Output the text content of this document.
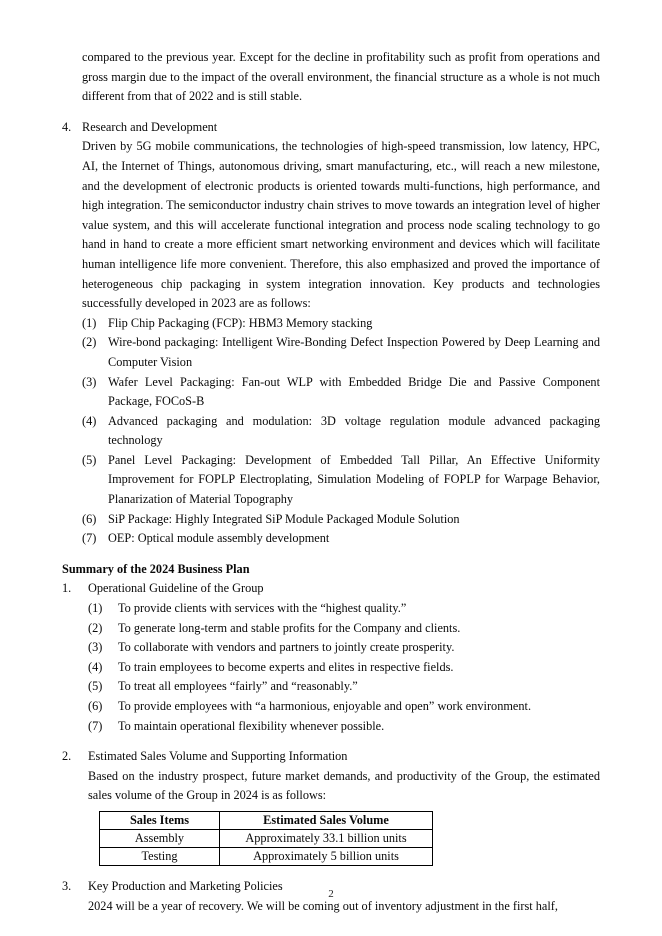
compared to the previous year. Except for the decline in profitability such as profit from operations and gross margin due to the impact of the overall environment, the financial structure as a whole is not much different from that of 2022 and is still stable.

4. Research and Development
Driven by 5G mobile communications, the technologies of high-speed transmission, low latency, HPC, AI, the Internet of Things, autonomous driving, smart manufacturing, etc., will reach a new milestone, and the development of electronic products is oriented towards multi-functions, high performance, and high integration. The semiconductor industry chain strives to move towards an integration level of higher value system, and this will accelerate functional integration and process node scaling technology to go hand in hand to create a more efficient smart networking environment and devices which will facilitate human intelligence life more convenient. Therefore, this also emphasized and proved the importance of heterogeneous chip packaging in system integration innovation. Key products and technologies successfully developed in 2023 are as follows:
(1) Flip Chip Packaging (FCP): HBM3 Memory stacking
(2) Wire-bond packaging: Intelligent Wire-Bonding Defect Inspection Powered by Deep Learning and Computer Vision
(3) Wafer Level Packaging: Fan-out WLP with Embedded Bridge Die and Passive Component Package, FOCoS-B
(4) Advanced packaging and modulation: 3D voltage regulation module advanced packaging technology
(5) Panel Level Packaging: Development of Embedded Tall Pillar, An Effective Uniformity Improvement for FOPLP Electroplating, Simulation Modeling of FOPLP for Warpage Behavior, Planarization of Material Topography
(6) SiP Package: Highly Integrated SiP Module Packaged Module Solution
(7) OEP: Optical module assembly development

Summary of the 2024 Business Plan

1. Operational Guideline of the Group
(1) To provide clients with services with the “highest quality.”
(2) To generate long-term and stable profits for the Company and clients.
(3) To collaborate with vendors and partners to jointly create prosperity.
(4) To train employees to become experts and elites in respective fields.
(5) To treat all employees “fairly” and “reasonably.”
(6) To provide employees with “a harmonious, enjoyable and open” work environment.
(7) To maintain operational flexibility whenever possible.
2. Estimated Sales Volume and Supporting Information
Based on the industry prospect, future market demands, and productivity of the Group, the estimated sales volume of the Group in 2024 is as follows:
Sales Items	Estimated Sales Volume
Assembly	Approximately 33.1 billion units
Testing	Approximately 5 billion units
3. Key Production and Marketing Policies
2024 will be a year of recovery. We will be coming out of inventory adjustment in the first half,
2
